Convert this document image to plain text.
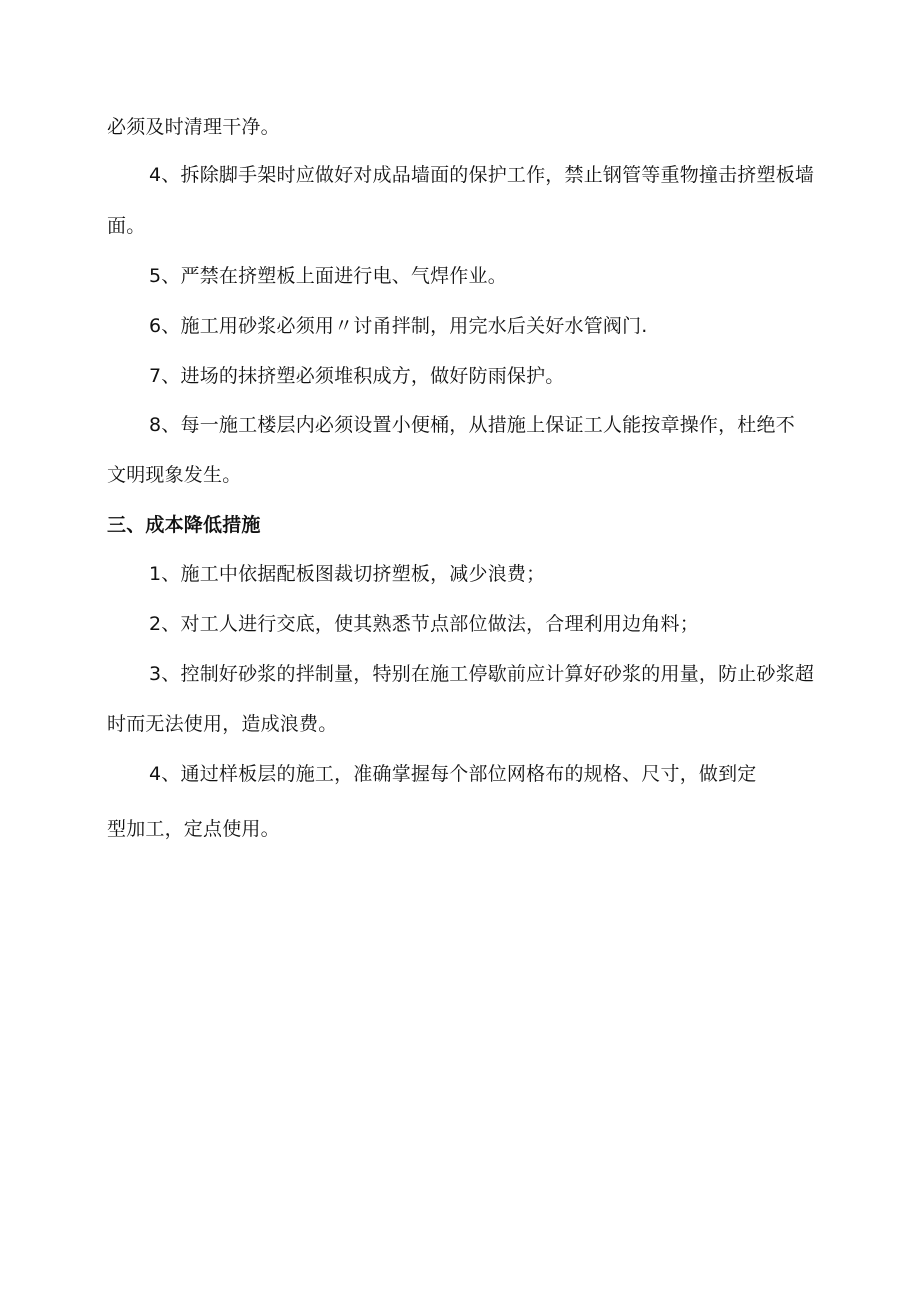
必须及时清理干净。
4、拆除脚手架时应做好对成品墙面的保护工作，禁止钢管等重物撞击挤塑板墙
面。
5、严禁在挤塑板上面进行电、气焊作业。
6、施工用砂浆必须用〃讨甬拌制，用完水后关好水管阀门.
7、进场的抹挤塑必须堆积成方，做好防雨保护。
8、每一施工楼层内必须设置小便桶，从措施上保证工人能按章操作，杜绝不
文明现象发生。
三、成本降低措施
1、施工中依据配板图裁切挤塑板，减少浪费；
2、对工人进行交底，使其熟悉节点部位做法，合理利用边角料；
3、控制好砂浆的拌制量，特别在施工停歇前应计算好砂浆的用量，防止砂浆超
时而无法使用，造成浪费。
4、通过样板层的施工，准确掌握每个部位网格布的规格、尺寸，做到定
型加工，定点使用。
